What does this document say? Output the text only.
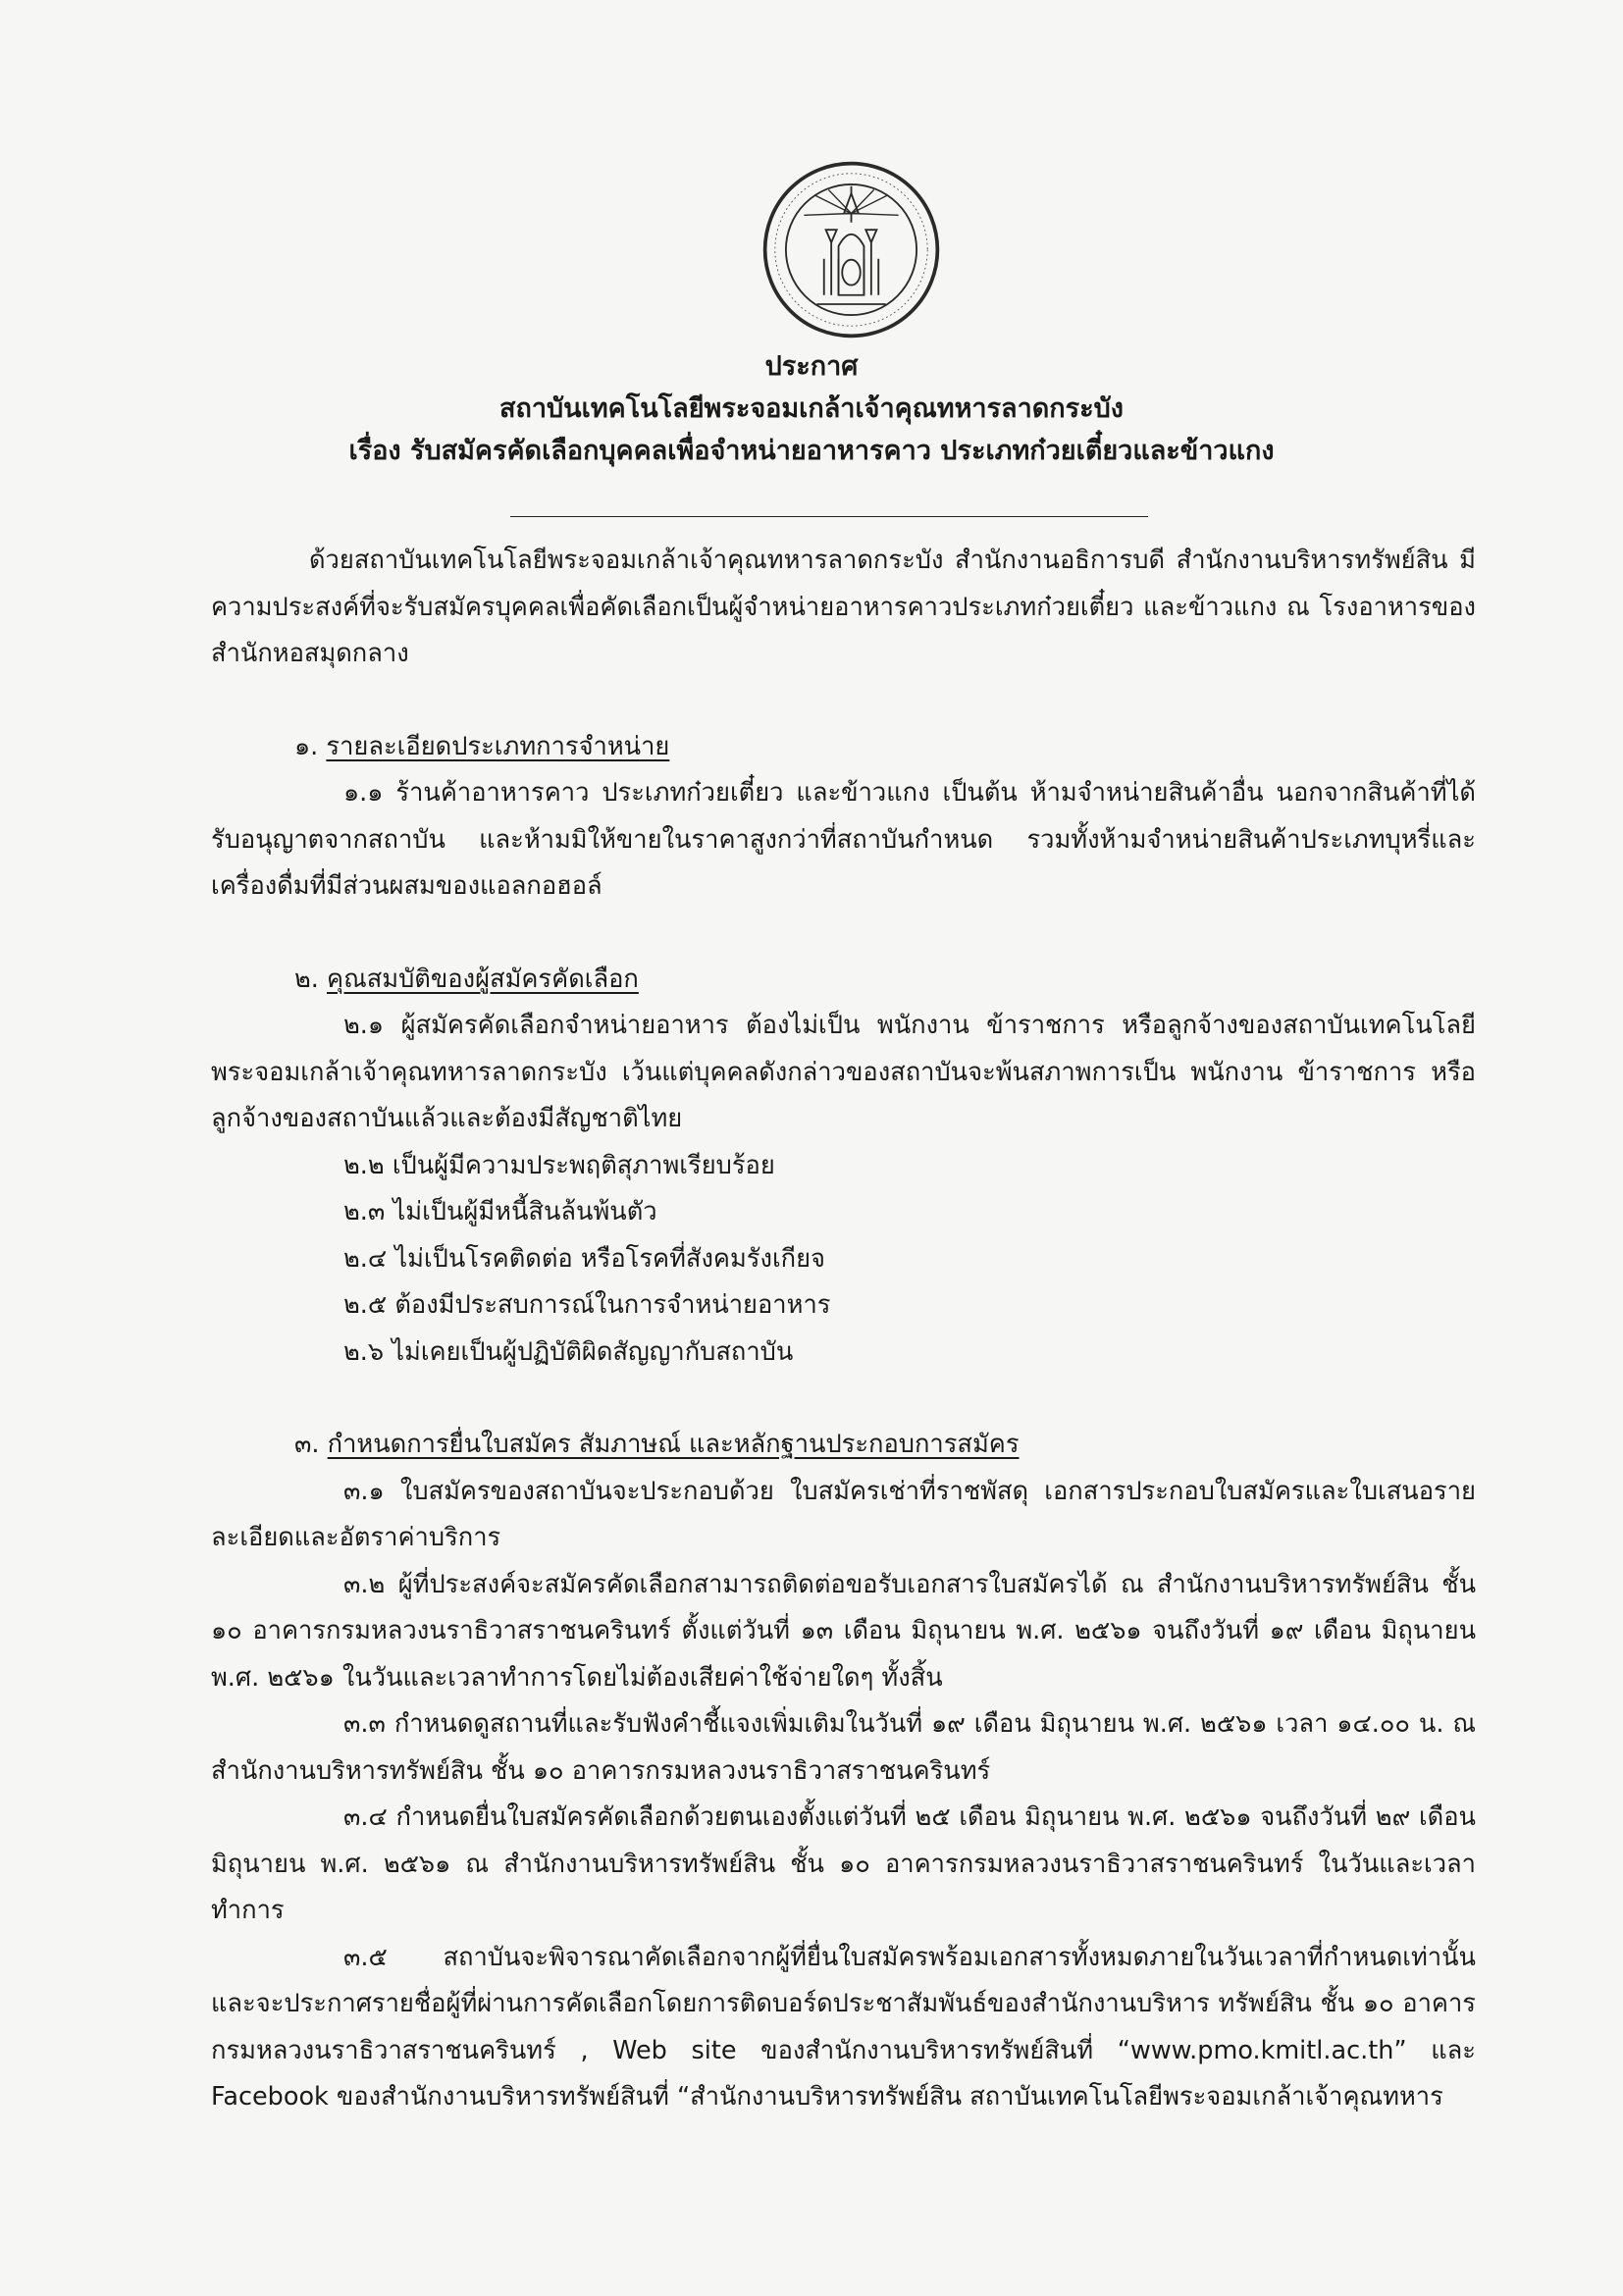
ประกาศ
สถาบันเทคโนโลยีพระจอมเกล้าเจ้าคุณทหารลาดกระบัง
เรื่อง รับสมัครคัดเลือกบุคคลเพื่อจำหน่ายอาหารคาว ประเภทก๋วยเตี๋ยวและข้าวแกง

ด้วยสถาบันเทคโนโลยีพระจอมเกล้าเจ้าคุณทหารลาดกระบัง สำนักงานอธิการบดี สำนักงานบริหารทรัพย์สิน มีความประสงค์ที่จะรับสมัครบุคคลเพื่อคัดเลือกเป็นผู้จำหน่ายอาหารคาวประเภทก๋วยเตี๋ยว และข้าวแกง ณ โรงอาหารของสำนักหอสมุดกลาง

๑. รายละเอียดประเภทการจำหน่าย

๑.๑ ร้านค้าอาหารคาว ประเภทก๋วยเตี๋ยว และข้าวแกง เป็นต้น ห้ามจำหน่ายสินค้าอื่น นอกจากสินค้าที่ได้รับอนุญาตจากสถาบัน และห้ามมิให้ขายในราคาสูงกว่าที่สถาบันกำหนด รวมทั้งห้ามจำหน่ายสินค้าประเภทบุหรี่และเครื่องดื่มที่มีส่วนผสมของแอลกอฮอล์

๒. คุณสมบัติของผู้สมัครคัดเลือก

๒.๑ ผู้สมัครคัดเลือกจำหน่ายอาหาร ต้องไม่เป็น พนักงาน ข้าราชการ หรือลูกจ้างของสถาบันเทคโนโลยีพระจอมเกล้าเจ้าคุณทหารลาดกระบัง เว้นแต่บุคคลดังกล่าวของสถาบันจะพ้นสภาพการเป็น พนักงาน ข้าราชการ หรือลูกจ้างของสถาบันแล้วและต้องมีสัญชาติไทย

๒.๒ เป็นผู้มีความประพฤติสุภาพเรียบร้อย

๒.๓ ไม่เป็นผู้มีหนี้สินล้นพ้นตัว

๒.๔ ไม่เป็นโรคติดต่อ หรือโรคที่สังคมรังเกียจ

๒.๕ ต้องมีประสบการณ์ในการจำหน่ายอาหาร

๒.๖ ไม่เคยเป็นผู้ปฏิบัติผิดสัญญากับสถาบัน

๓. กำหนดการยื่นใบสมัคร สัมภาษณ์ และหลักฐานประกอบการสมัคร

๓.๑ ใบสมัครของสถาบันจะประกอบด้วย ใบสมัครเช่าที่ราชพัสดุ เอกสารประกอบใบสมัครและใบเสนอรายละเอียดและอัตราค่าบริการ

๓.๒ ผู้ที่ประสงค์จะสมัครคัดเลือกสามารถติดต่อขอรับเอกสารใบสมัครได้ ณ สำนักงานบริหารทรัพย์สิน ชั้น ๑๐ อาคารกรมหลวงนราธิวาสราชนครินทร์ ตั้งแต่วันที่ ๑๓ เดือน มิถุนายน พ.ศ. ๒๕๖๑ จนถึงวันที่ ๑๙ เดือน มิถุนายน พ.ศ. ๒๕๖๑ ในวันและเวลาทำการโดยไม่ต้องเสียค่าใช้จ่ายใดๆ ทั้งสิ้น

๓.๓ กำหนดดูสถานที่และรับฟังคำชี้แจงเพิ่มเติมในวันที่ ๑๙ เดือน มิถุนายน พ.ศ. ๒๕๖๑ เวลา ๑๔.๐๐ น. ณ สำนักงานบริหารทรัพย์สิน ชั้น ๑๐ อาคารกรมหลวงนราธิวาสราชนครินทร์

๓.๔ กำหนดยื่นใบสมัครคัดเลือกด้วยตนเองตั้งแต่วันที่ ๒๕ เดือน มิถุนายน พ.ศ. ๒๕๖๑ จนถึงวันที่ ๒๙ เดือน มิถุนายน พ.ศ. ๒๕๖๑ ณ สำนักงานบริหารทรัพย์สิน ชั้น ๑๐ อาคารกรมหลวงนราธิวาสราชนครินทร์ ในวันและเวลาทำการ

๓.๕ สถาบันจะพิจารณาคัดเลือกจากผู้ที่ยื่นใบสมัครพร้อมเอกสารทั้งหมดภายในวันเวลาที่กำหนดเท่านั้น และจะประกาศรายชื่อผู้ที่ผ่านการคัดเลือกโดยการติดบอร์ดประชาสัมพันธ์ของสำนักงานบริหาร ทรัพย์สิน ชั้น ๑๐ อาคารกรมหลวงนราธิวาสราชนครินทร์ , Web site ของสำนักงานบริหารทรัพย์สินที่ “www.pmo.kmitl.ac.th” และ Facebook ของสำนักงานบริหารทรัพย์สินที่ “สำนักงานบริหารทรัพย์สิน สถาบันเทคโนโลยีพระจอมเกล้าเจ้าคุณทหาร
